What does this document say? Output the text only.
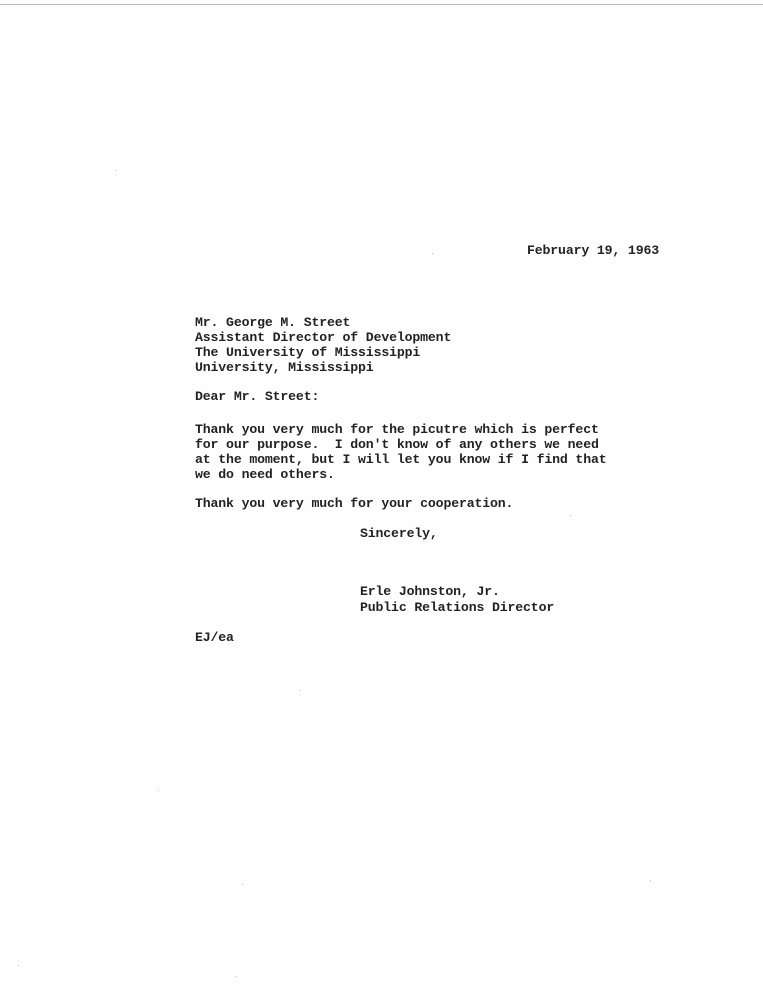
February 19, 1963
Mr. George M. Street
Assistant Director of Development
The University of Mississippi
University, Mississippi
Dear Mr. Street:
Thank you very much for the picutre which is perfect
for our purpose.  I don't know of any others we need
at the moment, but I will let you know if I find that
we do need others.
Thank you very much for your cooperation.
Sincerely,
Erle Johnston, Jr.
Public Relations Director
EJ/ea
